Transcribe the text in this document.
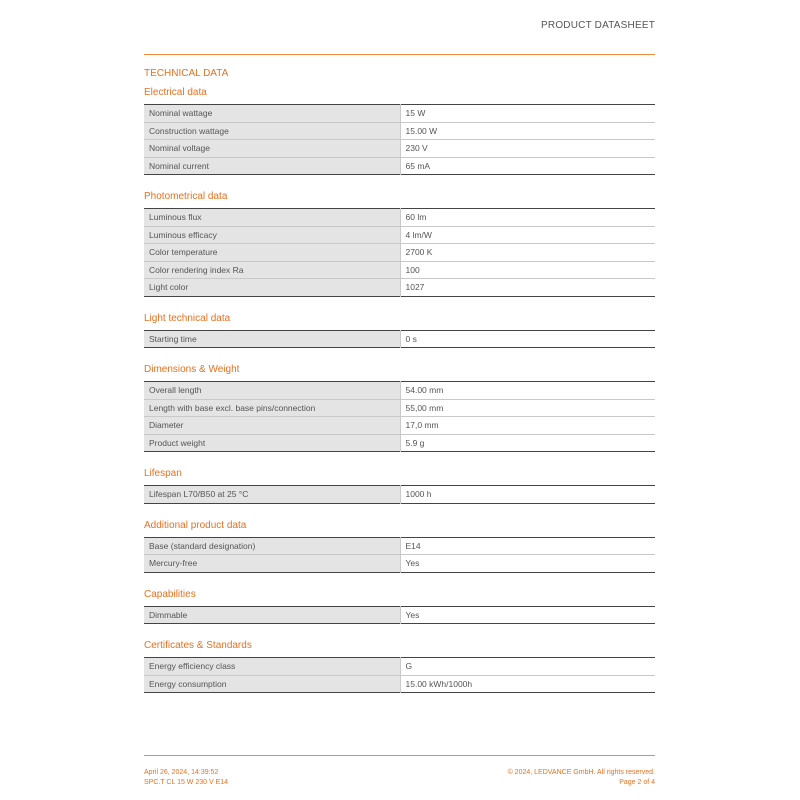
PRODUCT DATASHEET
TECHNICAL DATA
Electrical data
Nominal wattage	15 W
Construction wattage	15.00 W
Nominal voltage	230 V
Nominal current	65 mA
Photometrical data
Luminous flux	60 lm
Luminous efficacy	4 lm/W
Color temperature	2700 K
Color rendering index Ra	100
Light color	1027
Light technical data
Starting time	0 s
Dimensions & Weight
Overall length	54.00 mm
Length with base excl. base pins/connection	55,00 mm
Diameter	17,0 mm
Product weight	5.9 g
Lifespan
Lifespan L70/B50 at 25 °C	1000 h
Additional product data
Base (standard designation)	E14
Mercury-free	Yes
Capabilities
Dimmable	Yes
Certificates & Standards
Energy efficiency class	G
Energy consumption	15.00 kWh/1000h
April 26, 2024, 14:39:52
SPC.T CL 15 W 230 V E14
© 2024, LEDVANCE GmbH. All rights reserved.
Page 2 of 4
